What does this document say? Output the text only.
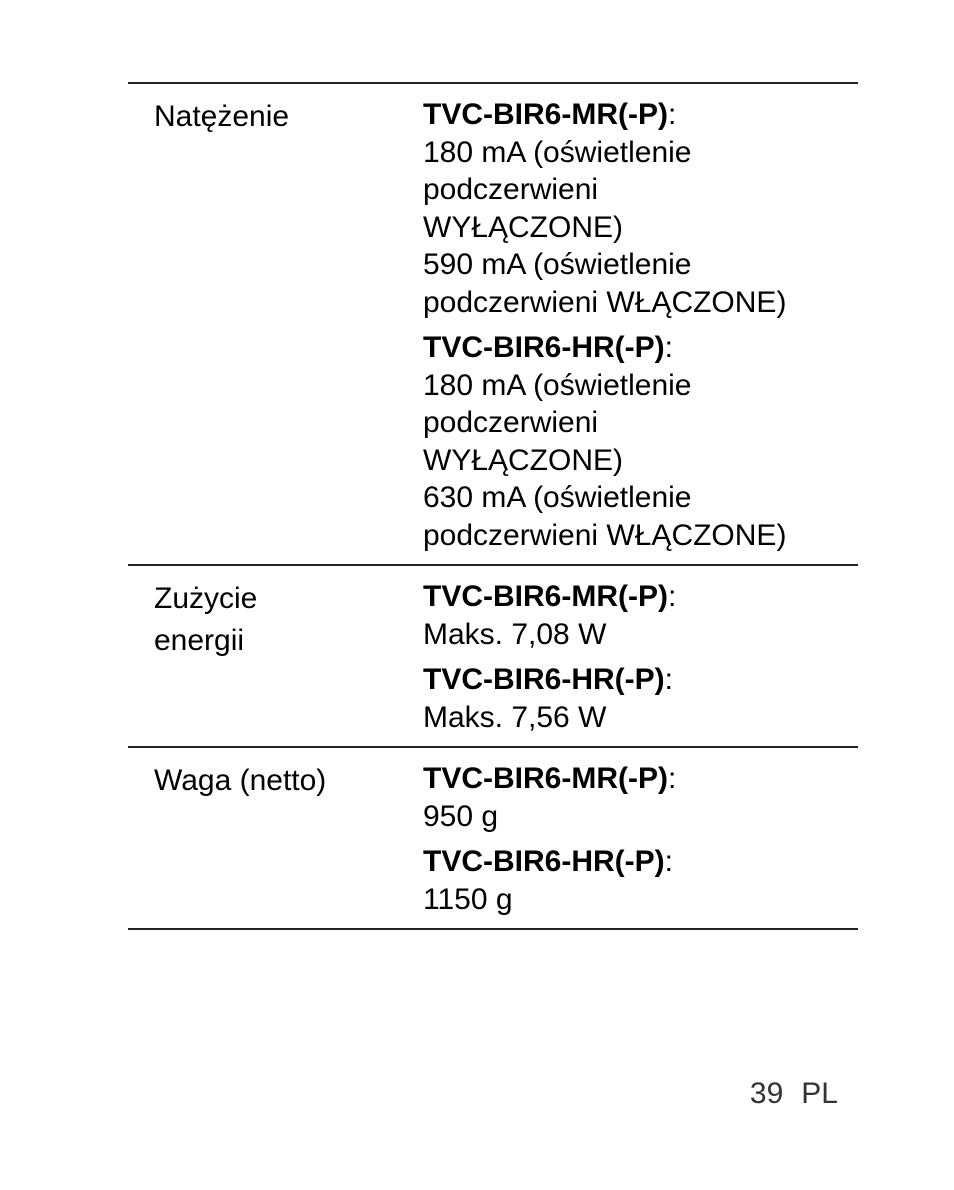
Natężenie	TVC-BIR6-MR(-P):
180 mA (oświetlenie
podczerwieni
WYŁĄCZONE)
590 mA (oświetlenie
podczerwieni WŁĄCZONE)
TVC-BIR6-HR(-P):
180 mA (oświetlenie
podczerwieni
WYŁĄCZONE)
630 mA (oświetlenie
podczerwieni WŁĄCZONE)
Zużycie
energii
TVC-BIR6-MR(-P):
Maks. 7,08 W
TVC-BIR6-HR(-P):
Maks. 7,56 W
Waga (netto)	TVC-BIR6-MR(-P):
950 g
TVC-BIR6-HR(-P):
1150 g
39 PL
